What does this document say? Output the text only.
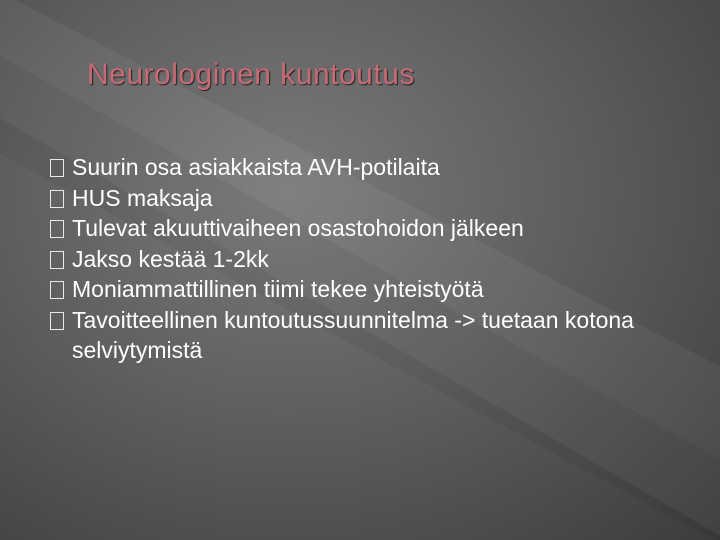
Neurologinen kuntoutus
Suurin osa asiakkaista AVH-potilaita
HUS maksaja
Tulevat akuuttivaiheen osastohoidon jälkeen
Jakso kestää 1-2kk
Moniammattillinen tiimi tekee yhteistyötä
Tavoitteellinen kuntoutussuunnitelma -> tuetaan kotona selviytymistä
